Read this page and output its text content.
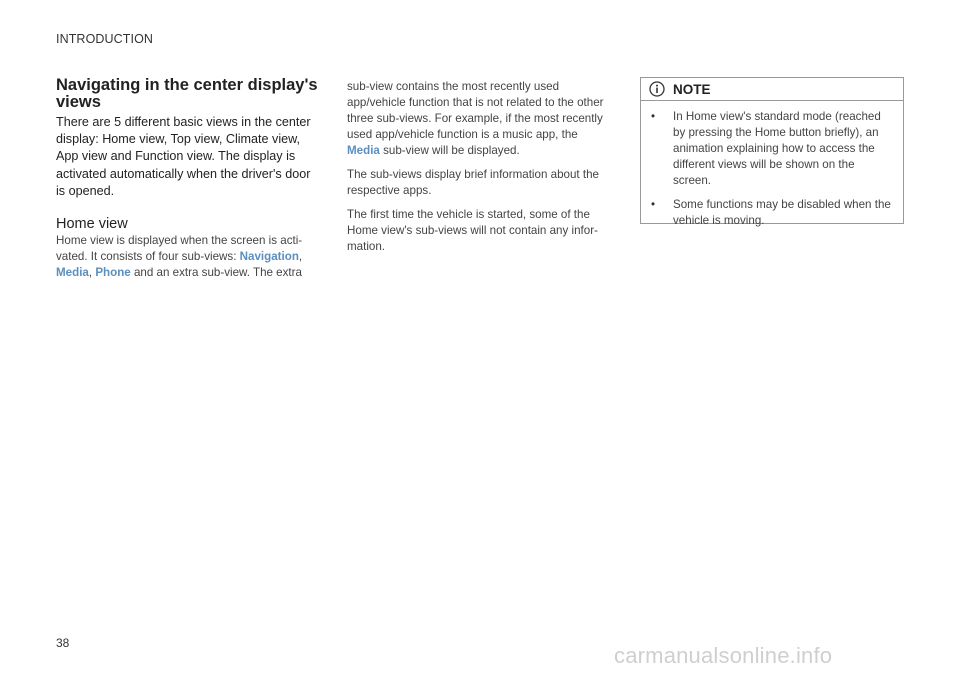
INTRODUCTION
Navigating in the center display's views

There are 5 different basic views in the center display: Home view, Top view, Climate view, App view and Function view. The display is activated automatically when the driver's door is opened.

Home view

Home view is displayed when the screen is acti-vated. It consists of four sub-views: Navigation, Media, Phone and an extra sub-view. The extra

sub-view contains the most recently used app/vehicle function that is not related to the other three sub-views. For example, if the most recently used app/vehicle function is a music app, the Media sub-view will be displayed.

The sub-views display brief information about the respective apps.

The first time the vehicle is started, some of the Home view's sub-views will not contain any infor-mation.

NOTE
• In Home view's standard mode (reached by pressing the Home button briefly), an animation explaining how to access the different views will be shown on the screen.
• Some functions may be disabled when the vehicle is moving.
38	carmanualsonline.info
